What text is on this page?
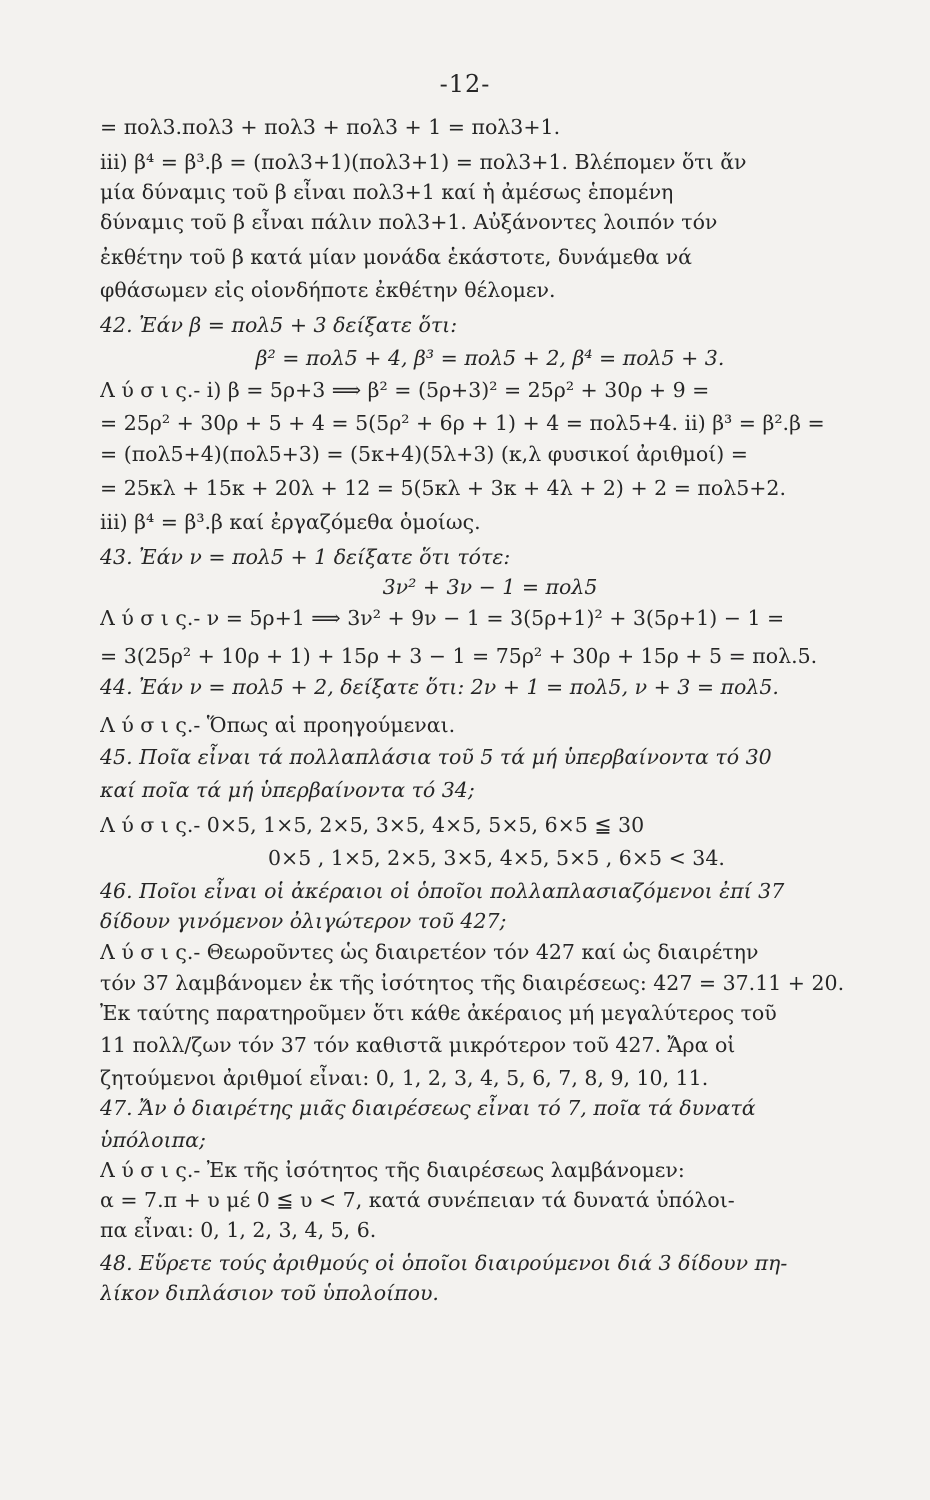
-12-
= πολ3.πολ3 + πολ3 + πολ3 + 1 = πολ3+1.
iii) β⁴ = β³.β = (πολ3+1)(πολ3+1) = πολ3+1. Βλέπομεν ὅτι ἄν
μία δύναμις τοῦ β εἶναι πολ3+1 καί ἡ ἀμέσως ἑπομένη
δύναμις τοῦ β εἶναι πάλιν πολ3+1. Αὐξάνοντες λοιπόν τόν
ἐκθέτην τοῦ β κατά μίαν μονάδα ἑκάστοτε, δυνάμεθα νά
φθάσωμεν εἰς οἱονδήποτε ἐκθέτην θέλομεν.
42. Ἐάν β = πολ5 + 3 δείξατε ὅτι:
β² = πολ5 + 4, β³ = πολ5 + 2, β⁴ = πολ5 + 3.
Λ ύ σ ι ς.- i) β = 5ρ+3 ⟹ β² = (5ρ+3)² = 25ρ² + 30ρ + 9 =
= 25ρ² + 30ρ + 5 + 4 = 5(5ρ² + 6ρ + 1) + 4 = πολ5+4. ii) β³ = β².β =
= (πολ5+4)(πολ5+3) = (5κ+4)(5λ+3) (κ,λ φυσικοί ἀριθμοί) =
= 25κλ + 15κ + 20λ + 12 = 5(5κλ + 3κ + 4λ + 2) + 2 = πολ5+2.
iii) β⁴ = β³.β καί ἐργαζόμεθα ὁμοίως.
43. Ἐάν ν = πολ5 + 1 δείξατε ὅτι τότε:
3ν² + 3ν − 1 = πολ5
Λ ύ σ ι ς.- ν = 5ρ+1 ⟹ 3ν² + 9ν − 1 = 3(5ρ+1)² + 3(5ρ+1) − 1 =
= 3(25ρ² + 10ρ + 1) + 15ρ + 3 − 1 = 75ρ² + 30ρ + 15ρ + 5 = πολ.5.
44. Ἐάν ν = πολ5 + 2, δείξατε ὅτι: 2ν + 1 = πολ5, ν + 3 = πολ5.
Λ ύ σ ι ς.- Ὅπως αἱ προηγούμεναι.
45. Ποῖα εἶναι τά πολλαπλάσια τοῦ 5 τά μή ὑπερβαίνοντα τό 30
καί ποῖα τά μή ὑπερβαίνοντα τό 34;
Λ ύ σ ι ς.- 0×5, 1×5, 2×5, 3×5, 4×5, 5×5, 6×5 ≦ 30
0×5 , 1×5, 2×5, 3×5, 4×5, 5×5 , 6×5 < 34.
46. Ποῖοι εἶναι οἱ ἀκέραιοι οἱ ὁποῖοι πολλαπλασιαζόμενοι ἐπί 37
δίδουν γινόμενον ὀλιγώτερον τοῦ 427;
Λ ύ σ ι ς.- Θεωροῦντες ὡς διαιρετέον τόν 427 καί ὡς διαιρέτην
τόν 37 λαμβάνομεν ἐκ τῆς ἰσότητος τῆς διαιρέσεως: 427 = 37.11 + 20.
Ἐκ ταύτης παρατηροῦμεν ὅτι κάθε ἀκέραιος μή μεγαλύτερος τοῦ
11 πολλ/ζων τόν 37 τόν καθιστᾶ μικρότερον τοῦ 427. Ἄρα οἱ
ζητούμενοι ἀριθμοί εἶναι: 0, 1, 2, 3, 4, 5, 6, 7, 8, 9, 10, 11.
47. Ἄν ὁ διαιρέτης μιᾶς διαιρέσεως εἶναι τό 7, ποῖα τά δυνατά
ὑπόλοιπα;
Λ ύ σ ι ς.- Ἐκ τῆς ἰσότητος τῆς διαιρέσεως λαμβάνομεν:
α = 7.π + υ μέ 0 ≦ υ < 7, κατά συνέπειαν τά δυνατά ὑπόλοι-
πα εἶναι: 0, 1, 2, 3, 4, 5, 6.
48. Εὕρετε τούς ἀριθμούς οἱ ὁποῖοι διαιρούμενοι διά 3 δίδουν πη-
λίκον διπλάσιον τοῦ ὑπολοίπου.
